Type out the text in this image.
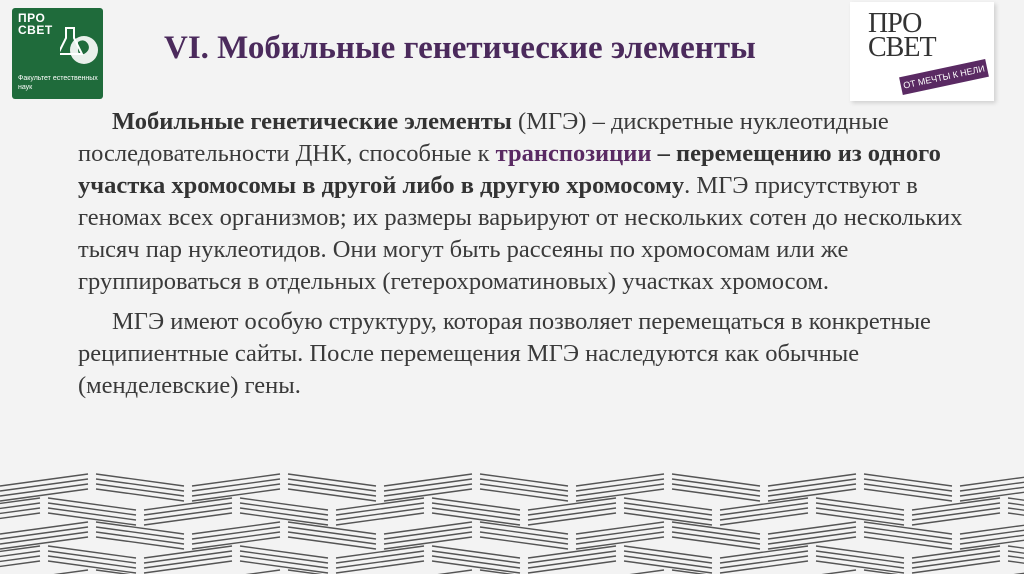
ПРО СВЕТ
Факультет естественных наук
VI. Мобильные генетические элементы
ПРО
СВЕТ
ОТ МЕЧТЫ К НЕЛИ

Мобильные генетические элементы (МГЭ) – дискретные нуклеотидные последовательности ДНК, способные к транспозиции – перемещению из одного участка хромосомы в другой либо в другую хромосому. МГЭ присутствуют в геномах всех организмов; их размеры варьируют от нескольких сотен до нескольких тысяч пар нуклеотидов. Они могут быть рассеяны по хромосомам или же группироваться в отдельных (гетерохроматиновых) участках хромосом.

МГЭ имеют особую структуру, которая позволяет перемещаться в конкретные реципиентные сайты. После перемещения МГЭ наследуются как обычные (менделевские) гены.
